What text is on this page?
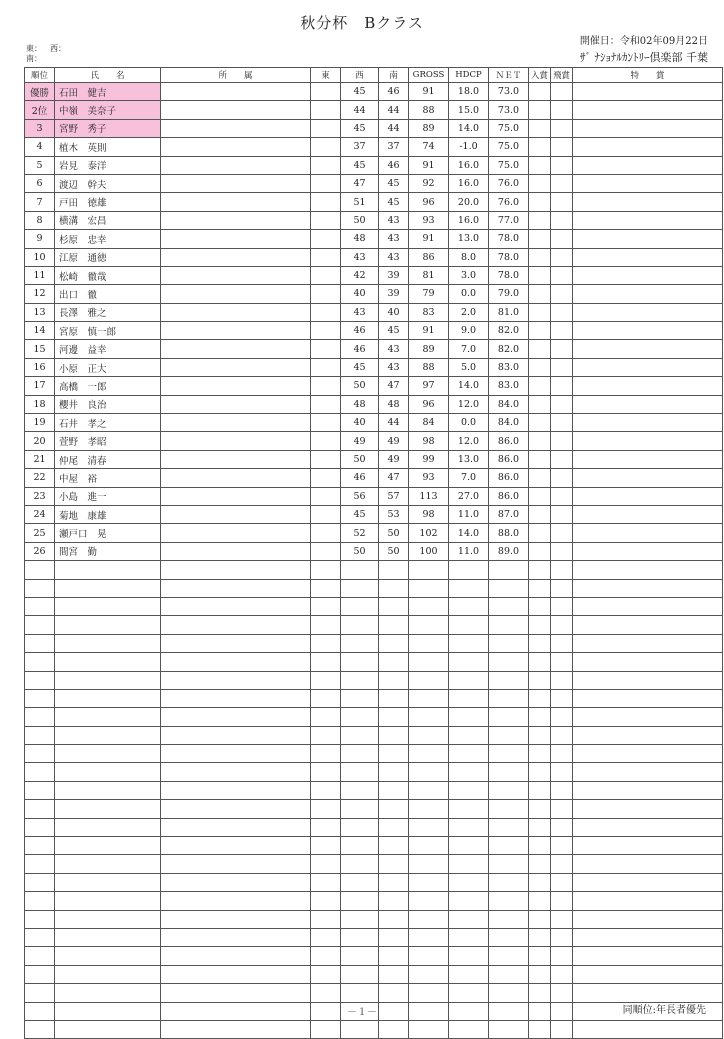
秋分杯　Bクラス
開催日：令和02年09月22日
ｻﾞ ﾅｼｮﾅﾙｶﾝﾄﾘｰ倶楽部 千葉
東： 西：
南：
順位	氏　　名	所　　属	東	西	南	GROSS	HDCP	ＮＥＴ	入賞	飛賞	特　　賞
優勝	石田　健吉			45	46	91	18.0	73.0			
2位	中嶺　美奈子			44	44	88	15.0	73.0			
3	宮野　秀子			45	44	89	14.0	75.0			
4	植木　英則			37	37	74	-1.0	75.0			
5	岩見　泰洋			45	46	91	16.0	75.0			
6	渡辺　幹夫			47	45	92	16.0	76.0			
7	戸田　徳雄			51	45	96	20.0	76.0			
8	横溝　宏昌			50	43	93	16.0	77.0			
9	杉原　忠幸			48	43	91	13.0	78.0			
10	江原　通徳			43	43	86	8.0	78.0			
11	松崎　徹哉			42	39	81	3.0	78.0			
12	出口　徹			40	39	79	0.0	79.0			
13	長澤　雅之			43	40	83	2.0	81.0			
14	宮原　慎一郎			46	45	91	9.0	82.0			
15	河邊　益幸			46	43	89	7.0	82.0			
16	小原　正大			45	43	88	5.0	83.0			
17	高橋　一郎			50	47	97	14.0	83.0			
18	櫻井　良治			48	48	96	12.0	84.0			
19	石井　孝之			40	44	84	0.0	84.0			
20	萱野　孝昭			49	49	98	12.0	86.0			
21	仲尾　清春			50	49	99	13.0	86.0			
22	中屋　裕			46	47	93	7.0	86.0			
23	小島　進一			56	57	113	27.0	86.0			
24	菊地　康雄			45	53	98	11.0	87.0			
25	瀬戸口　晃			52	50	102	14.0	88.0			
26	間宮　勤			50	50	100	11.0	89.0			

－１－	同順位:年長者優先
